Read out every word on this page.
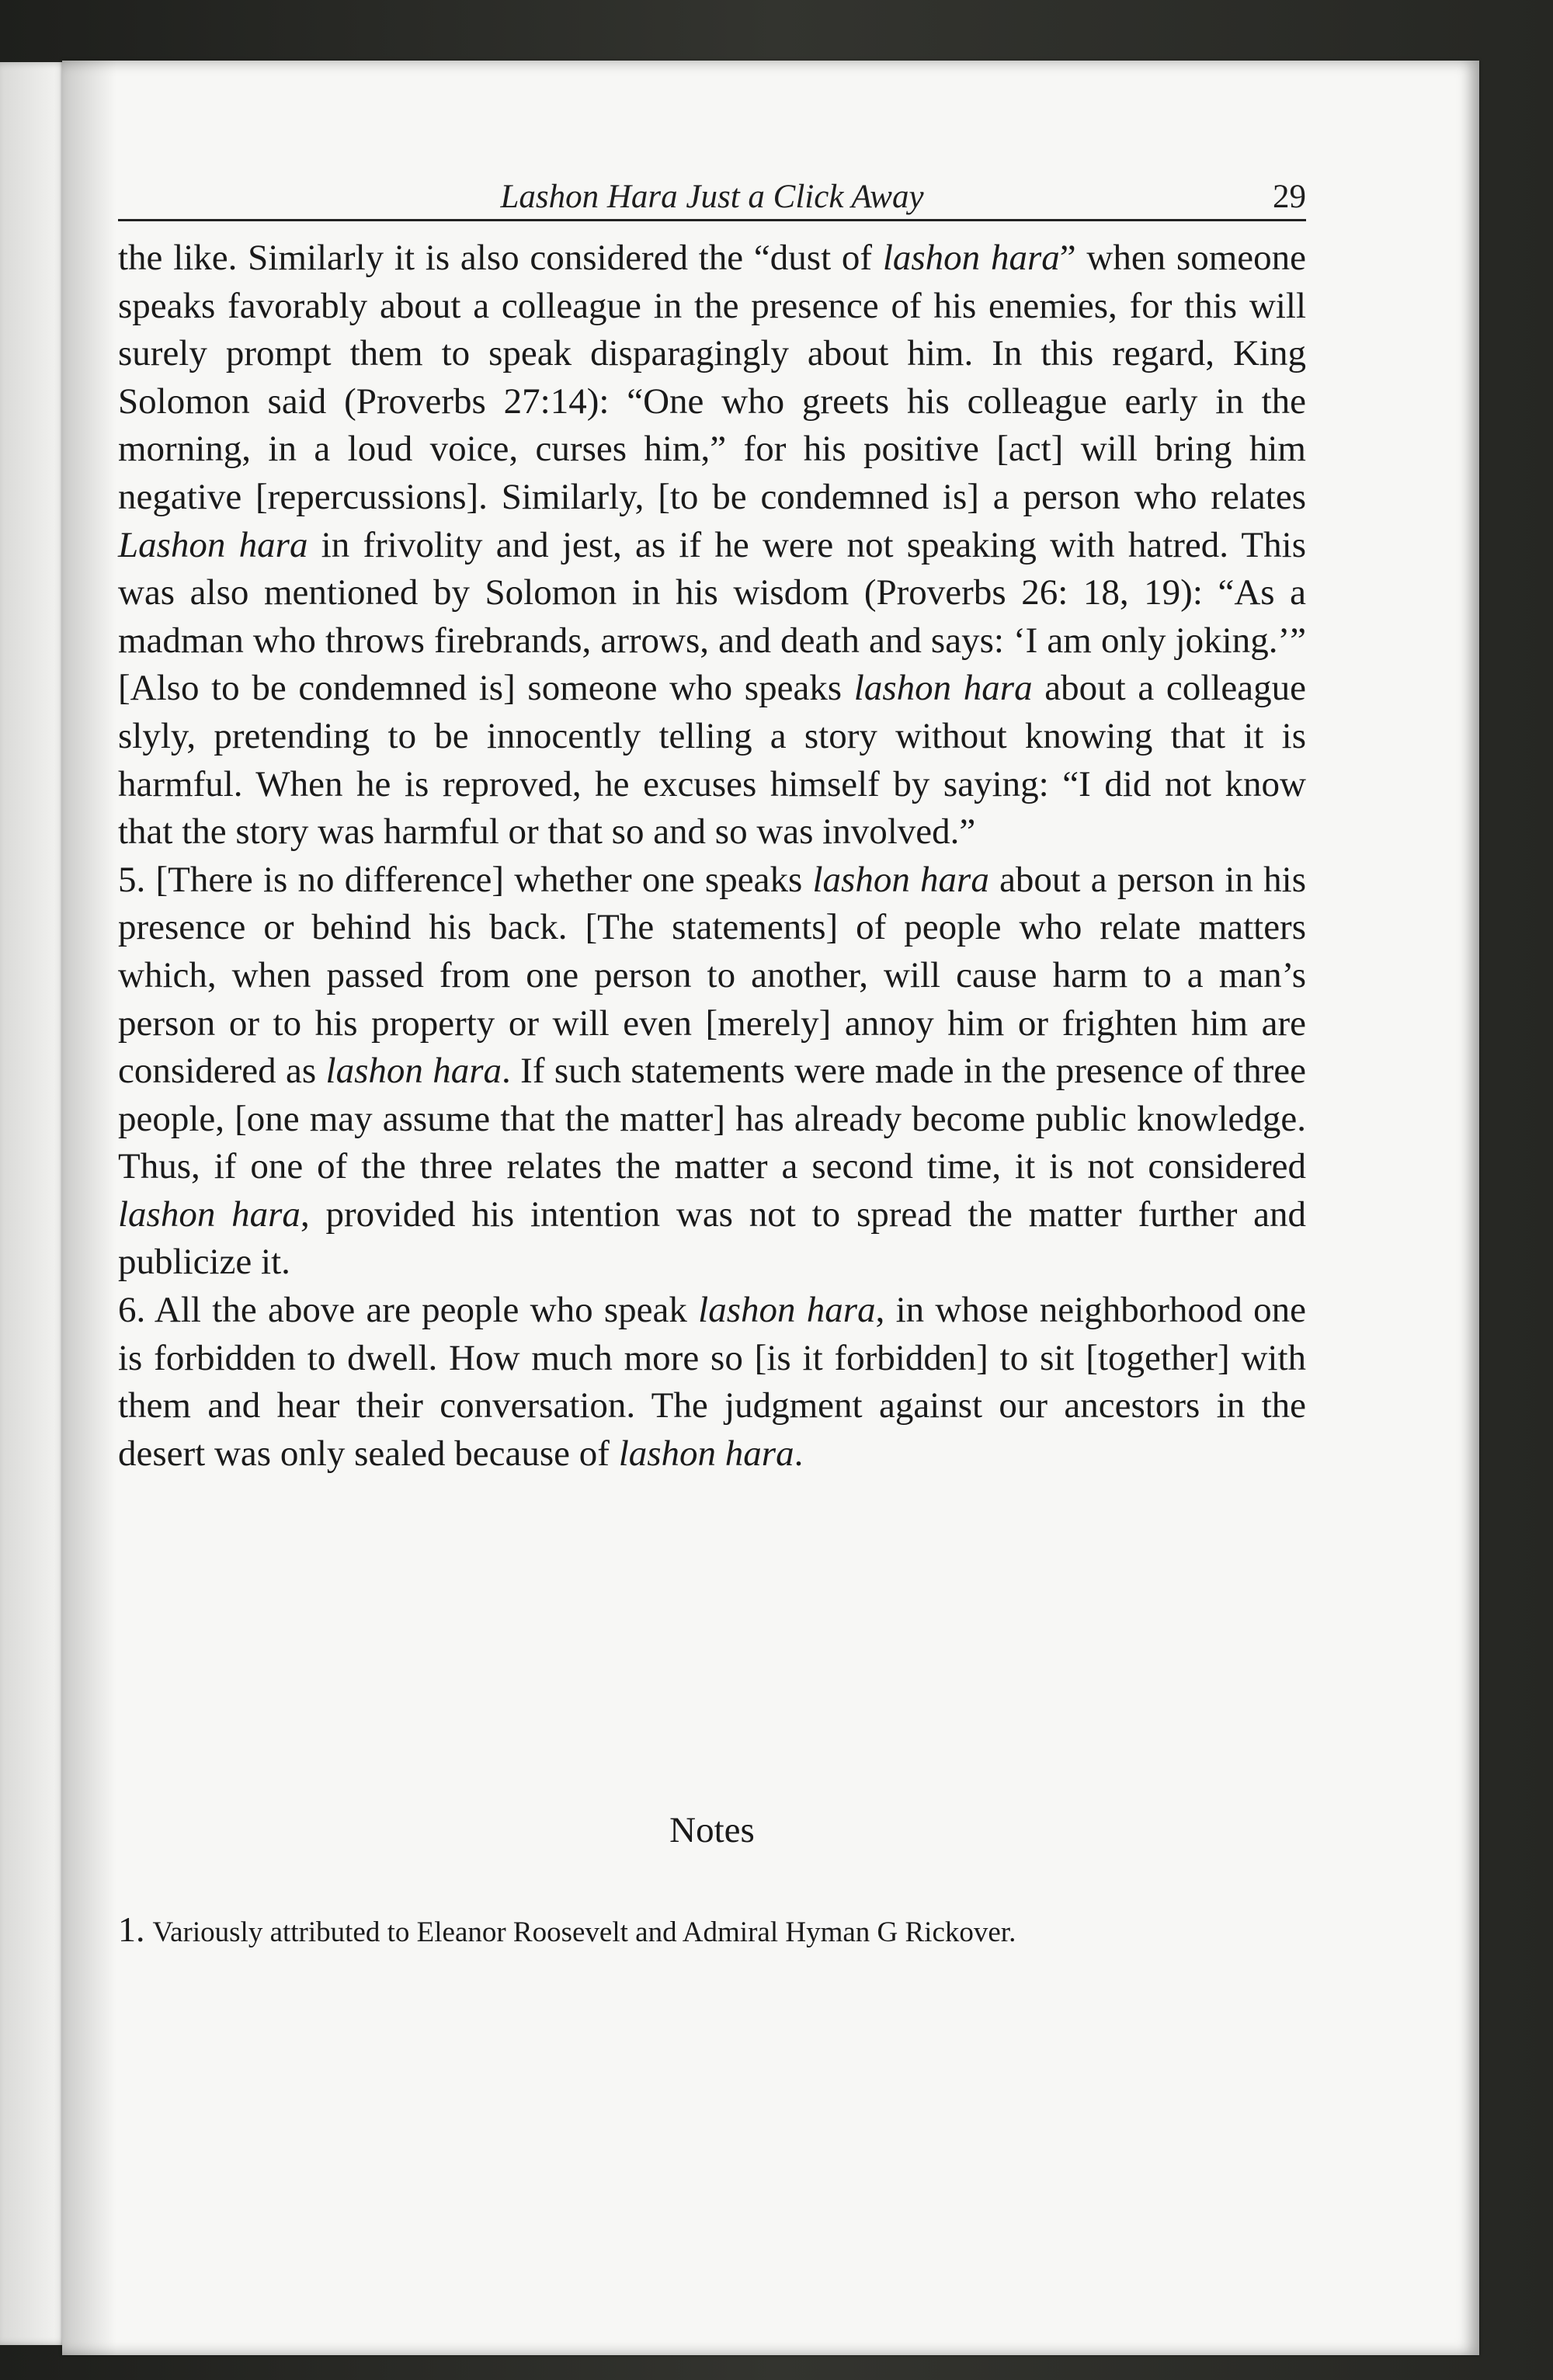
Lashon Hara Just a Click Away	29

the like. Similarly it is also considered the “dust of lashon hara” when someone speaks favorably about a colleague in the presence of his enemies, for this will surely prompt them to speak disparagingly about him. In this regard, King Solomon said (Proverbs 27:14): “One who greets his colleague early in the morning, in a loud voice, curses him,” for his positive [act] will bring him negative [repercussions]. Similarly, [to be condemned is] a person who relates Lashon hara in frivolity and jest, as if he were not speaking with hatred. This was also mentioned by Solomon in his wisdom (Proverbs 26: 18, 19): “As a madman who throws firebrands, arrows, and death and says: ‘I am only joking.’” [Also to be condemned is] someone who speaks lashon hara about a colleague slyly, pretending to be innocently telling a story without knowing that it is harmful. When he is reproved, he excuses himself by saying: “I did not know that the story was harmful or that so and so was involved.”

5. [There is no difference] whether one speaks lashon hara about a person in his presence or behind his back. [The statements] of people who relate matters which, when passed from one person to another, will cause harm to a man’s person or to his property or will even [merely] annoy him or frighten him are considered as lashon hara. If such statements were made in the presence of three people, [one may assume that the matter] has already become public knowledge. Thus, if one of the three relates the matter a second time, it is not considered lashon hara, provided his intention was not to spread the matter further and publicize it.

6. All the above are people who speak lashon hara, in whose neighborhood one is forbidden to dwell. How much more so [is it forbidden] to sit [together] with them and hear their conversation. The judgment against our ancestors in the desert was only sealed because of lashon hara.

Notes
1. Variously attributed to Eleanor Roosevelt and Admiral Hyman G Rickover.
